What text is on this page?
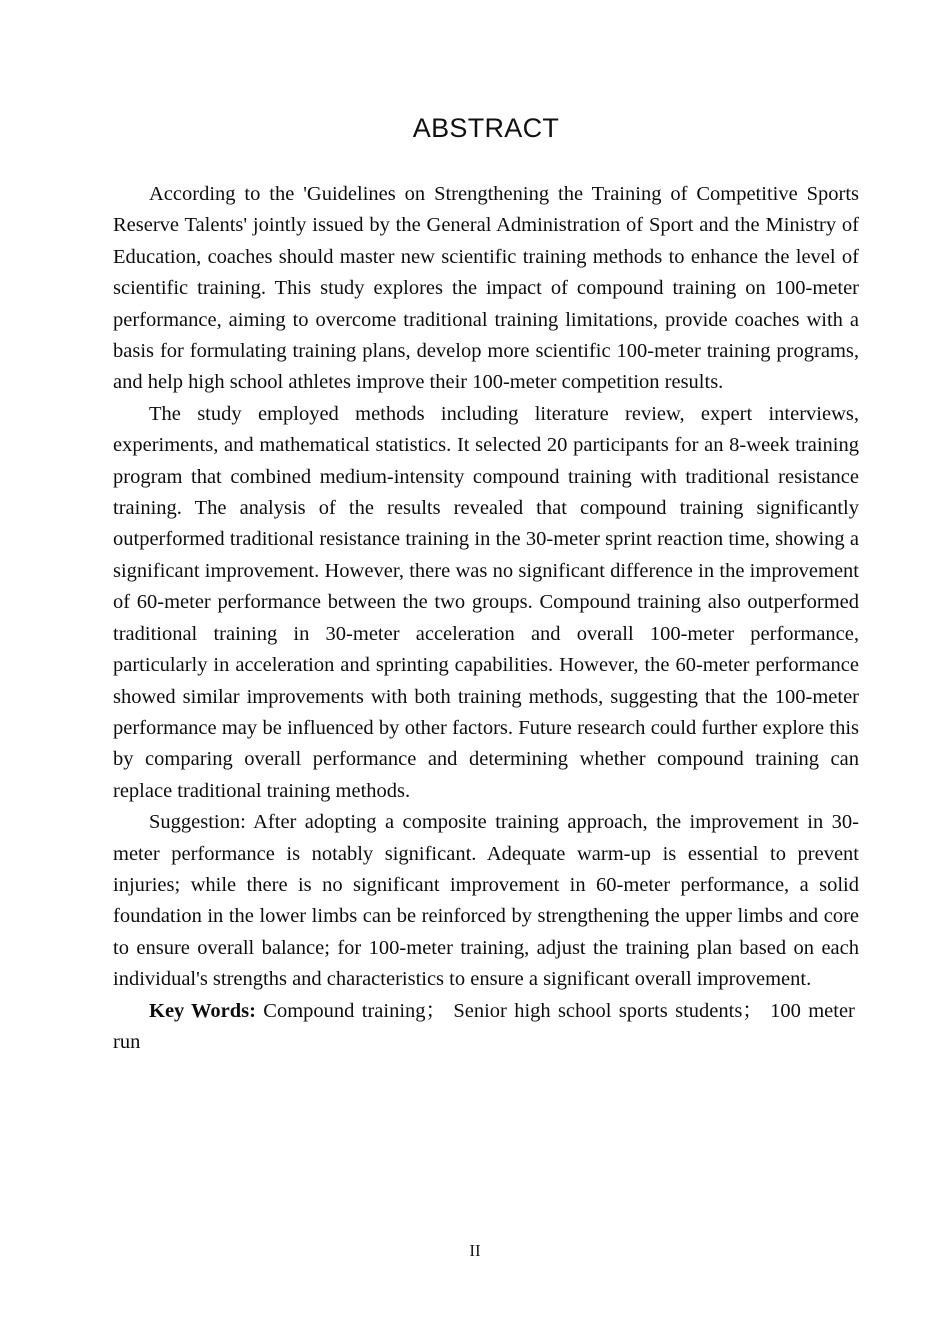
ABSTRACT

According to the 'Guidelines on Strengthening the Training of Competitive Sports Reserve Talents' jointly issued by the General Administration of Sport and the Ministry of Education, coaches should master new scientific training methods to enhance the level of scientific training. This study explores the impact of compound training on 100-meter performance, aiming to overcome traditional training limitations, provide coaches with a basis for formulating training plans, develop more scientific 100-meter training programs, and help high school athletes improve their 100-meter competition results.

The study employed methods including literature review, expert interviews, experiments, and mathematical statistics. It selected 20 participants for an 8-week training program that combined medium-intensity compound training with traditional resistance training. The analysis of the results revealed that compound training significantly outperformed traditional resistance training in the 30-meter sprint reaction time, showing a significant improvement. However, there was no significant difference in the improvement of 60-meter performance between the two groups. Compound training also outperformed traditional training in 30-meter acceleration and overall 100-meter performance, particularly in acceleration and sprinting capabilities. However, the 60-meter performance showed similar improvements with both training methods, suggesting that the 100-meter performance may be influenced by other factors. Future research could further explore this by comparing overall performance and determining whether compound training can replace traditional training methods.

Suggestion: After adopting a composite training approach, the improvement in 30-meter performance is notably significant. Adequate warm-up is essential to prevent injuries; while there is no significant improvement in 60-meter performance, a solid foundation in the lower limbs can be reinforced by strengthening the upper limbs and core to ensure overall balance; for 100-meter training, adjust the training plan based on each individual's strengths and characteristics to ensure a significant overall improvement.

Key Words: Compound training； Senior high school sports students； 100 meter run

II
